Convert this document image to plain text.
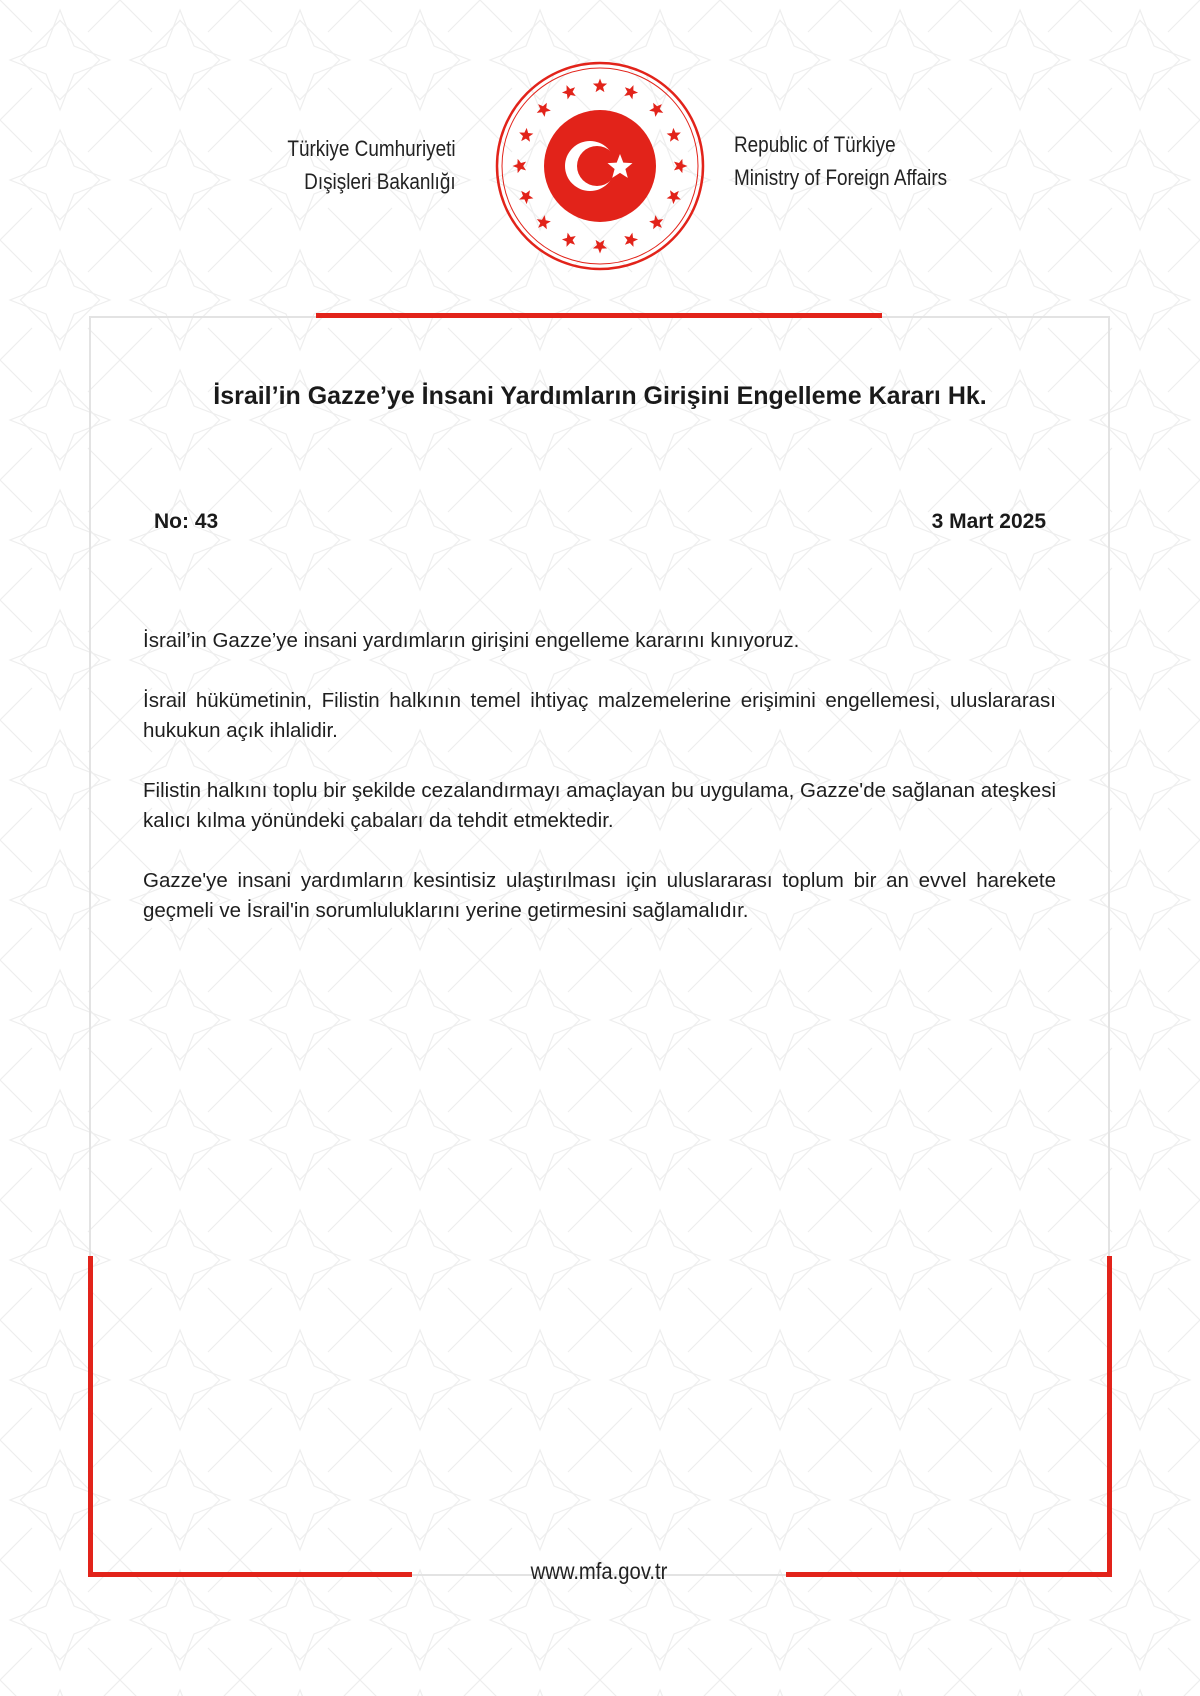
Türkiye Cumhuriyeti
Dışişleri Bakanlığı
Republic of Türkiye
Ministry of Foreign Affairs
İsrail’in Gazze’ye İnsani Yardımların Girişini Engelleme Kararı Hk.
No: 43	3 Mart 2025

İsrail’in Gazze’ye insani yardımların girişini engelleme kararını kınıyoruz.

İsrail hükümetinin, Filistin halkının temel ihtiyaç malzemelerine erişimini engellemesi, uluslararası hukukun açık ihlalidir.

Filistin halkını toplu bir şekilde cezalandırmayı amaçlayan bu uygulama, Gazze'de sağlanan ateşkesi kalıcı kılma yönündeki çabaları da tehdit etmektedir.

Gazze'ye insani yardımların kesintisiz ulaştırılması için uluslararası toplum bir an evvel harekete geçmeli ve İsrail'in sorumluluklarını yerine getirmesini sağlamalıdır.

www.mfa.gov.tr
